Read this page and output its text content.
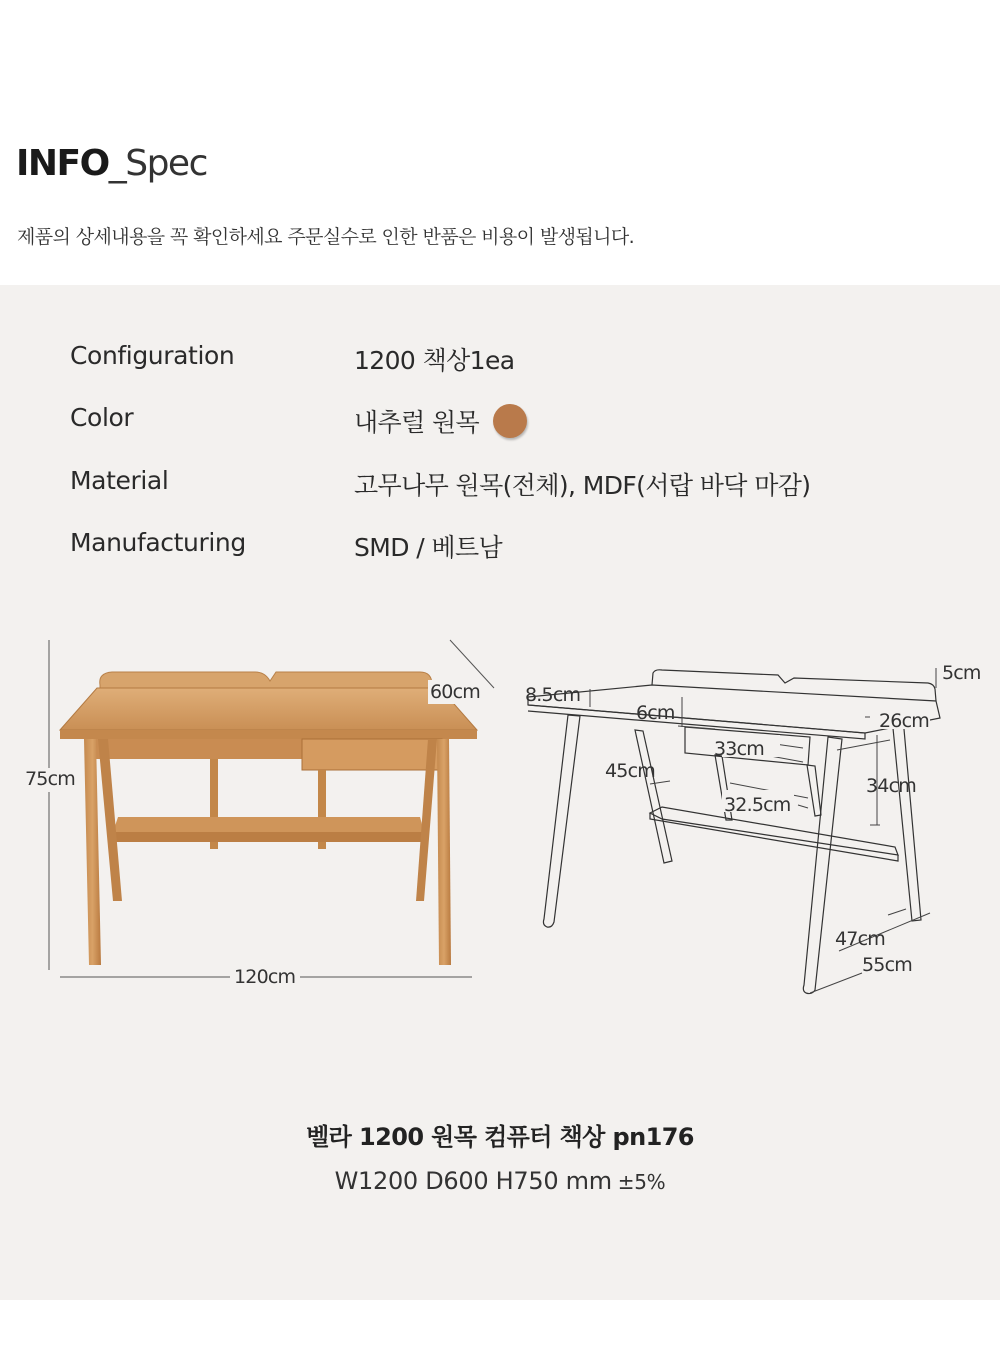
INFO_Spec
제품의 상세내용을 꼭 확인하세요 주문실수로 인한 반품은 비용이 발생됩니다.
Configuration	1200 책상1ea
Color	내추럴 원목
Material	고무나무 원목(전체), MDF(서랍 바닥 마감)
Manufacturing	SMD / 베트남
120cm
75cm
60cm
5cm
8.5cm
6cm
33cm
26cm
45cm
32.5cm
34cm
47cm
55cm
벨라 1200 원목 컴퓨터 책상 pn176
W1200 D600 H750 mm ±5%
